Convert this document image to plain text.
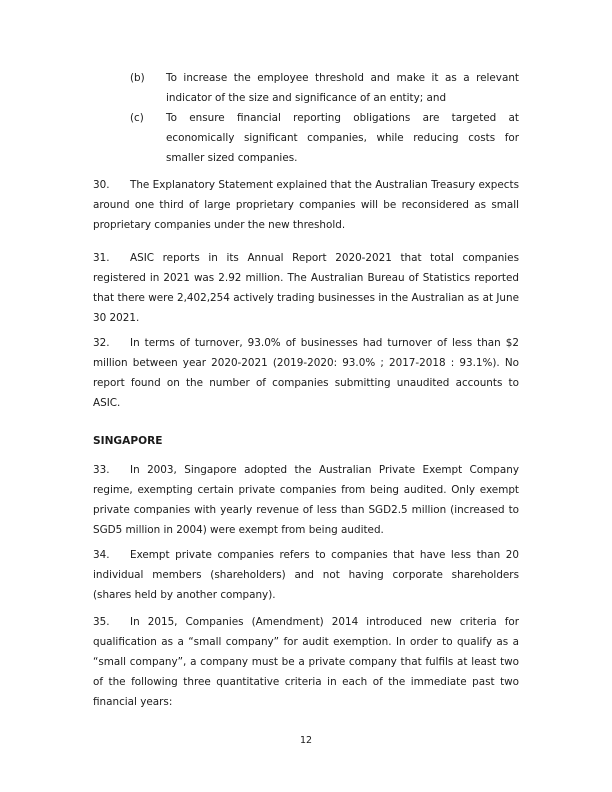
(b)	To increase the employee threshold and make it as a relevant indicator of the size and significance of an entity; and
(c)	To ensure financial reporting obligations are targeted at economically significant companies, while reducing costs for smaller sized companies.

30. The Explanatory Statement explained that the Australian Treasury expects around one third of large proprietary companies will be reconsidered as small proprietary companies under the new threshold.

31. ASIC reports in its Annual Report 2020-2021 that total companies registered in 2021 was 2.92 million. The Australian Bureau of Statistics reported that there were 2,402,254 actively trading businesses in the Australian as at June 30 2021.

32. In terms of turnover, 93.0% of businesses had turnover of less than $2 million between year 2020-2021 (2019-2020: 93.0% ; 2017-2018 : 93.1%). No report found on the number of companies submitting unaudited accounts to ASIC.

SINGAPORE

33. In 2003, Singapore adopted the Australian Private Exempt Company regime, exempting certain private companies from being audited. Only exempt private companies with yearly revenue of less than SGD2.5 million (increased to SGD5 million in 2004) were exempt from being audited.

34. Exempt private companies refers to companies that have less than 20 individual members (shareholders) and not having corporate shareholders (shares held by another company).

35. In 2015, Companies (Amendment) 2014 introduced new criteria for qualification as a “small company” for audit exemption. In order to qualify as a “small company”, a company must be a private company that fulfils at least two of the following three quantitative criteria in each of the immediate past two financial years:

12
